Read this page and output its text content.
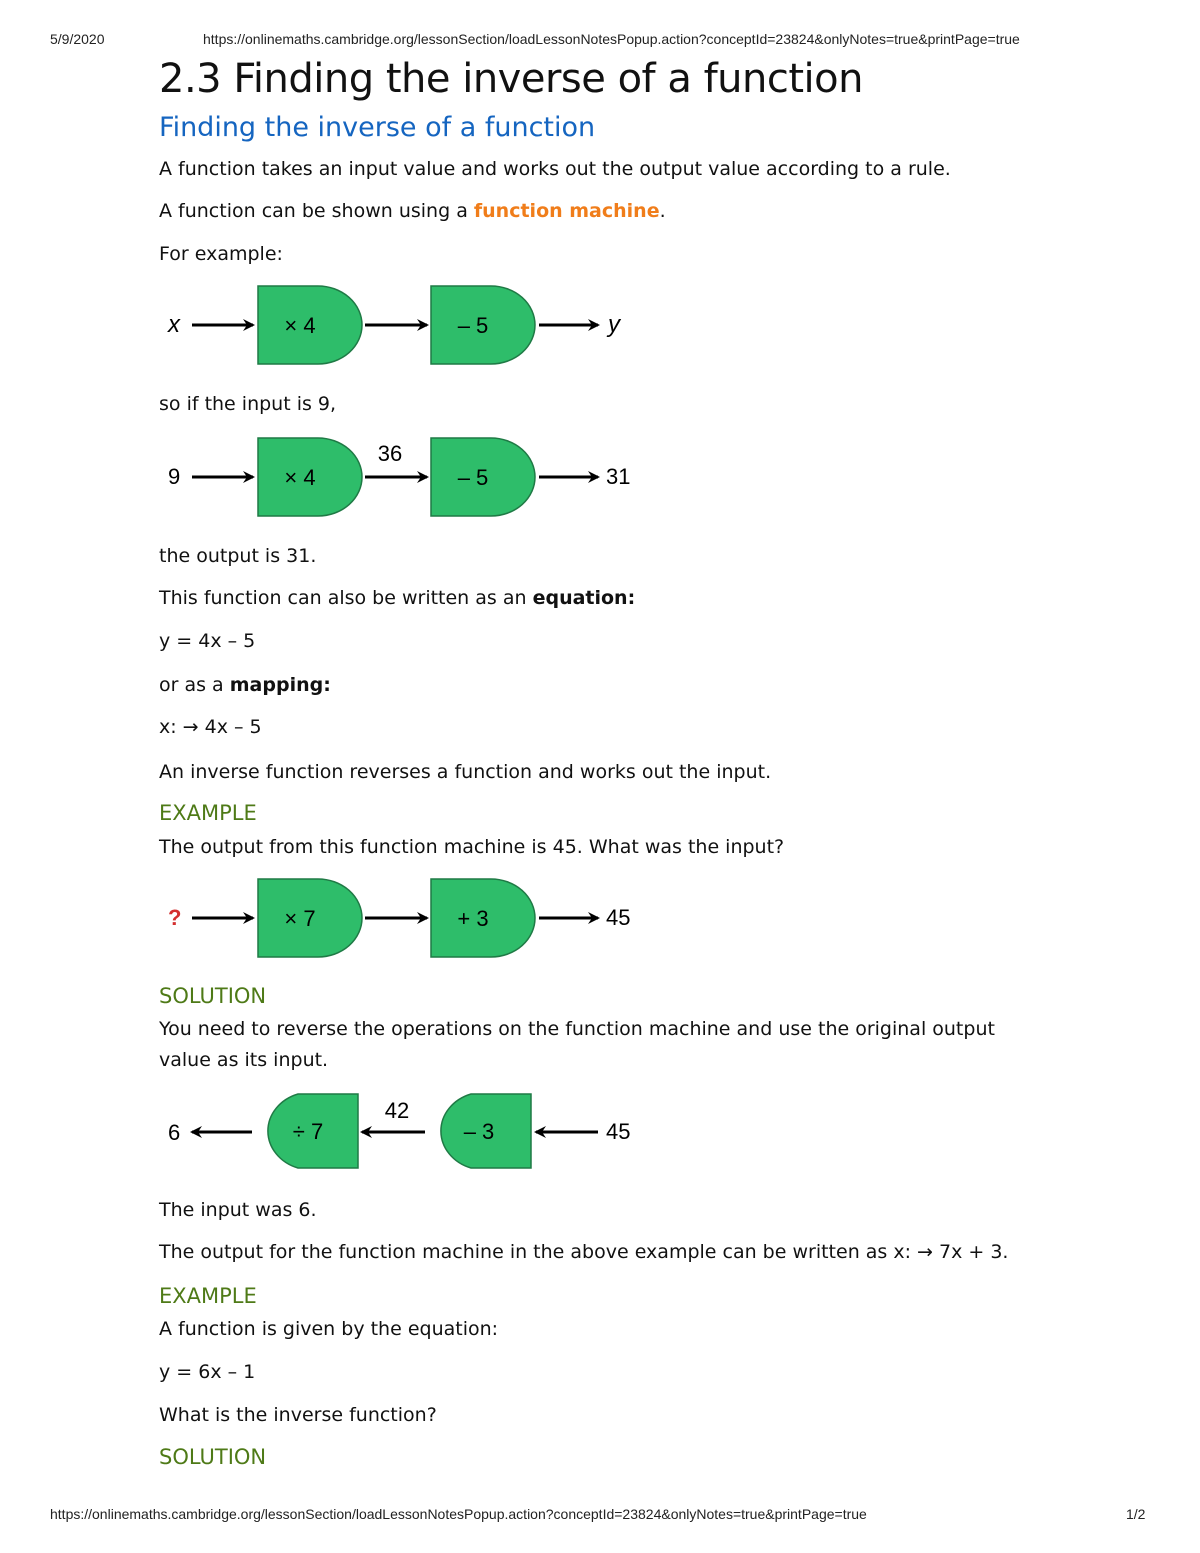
5/9/2020	https://onlinemaths.cambridge.org/lessonSection/loadLessonNotesPopup.action?conceptId=23824&onlyNotes=true&printPage=true
2.3 Finding the inverse of a function
Finding the inverse of a function

A function takes an input value and works out the output value according to a rule.

A function can be shown using a function machine.

For example:

x	× 4	– 5	y

so if the input is 9,

9	× 4
36
– 5	31

the output is 31.

This function can also be written as an equation:

y = 4x – 5

or as a mapping:

x: → 4x – 5

An inverse function reverses a function and works out the input.

EXAMPLE

The output from this function machine is 45. What was the input?

?	× 7	+ 3	45
SOLUTION

You need to reverse the operations on the function machine and use the original output

value as its input.

6	÷ 7
42
– 3	45

The input was 6.

The output for the function machine in the above example can be written as x: → 7x + 3.

EXAMPLE

A function is given by the equation:

y = 6x – 1

What is the inverse function?

SOLUTION
https://onlinemaths.cambridge.org/lessonSection/loadLessonNotesPopup.action?conceptId=23824&onlyNotes=true&printPage=true	1/2
